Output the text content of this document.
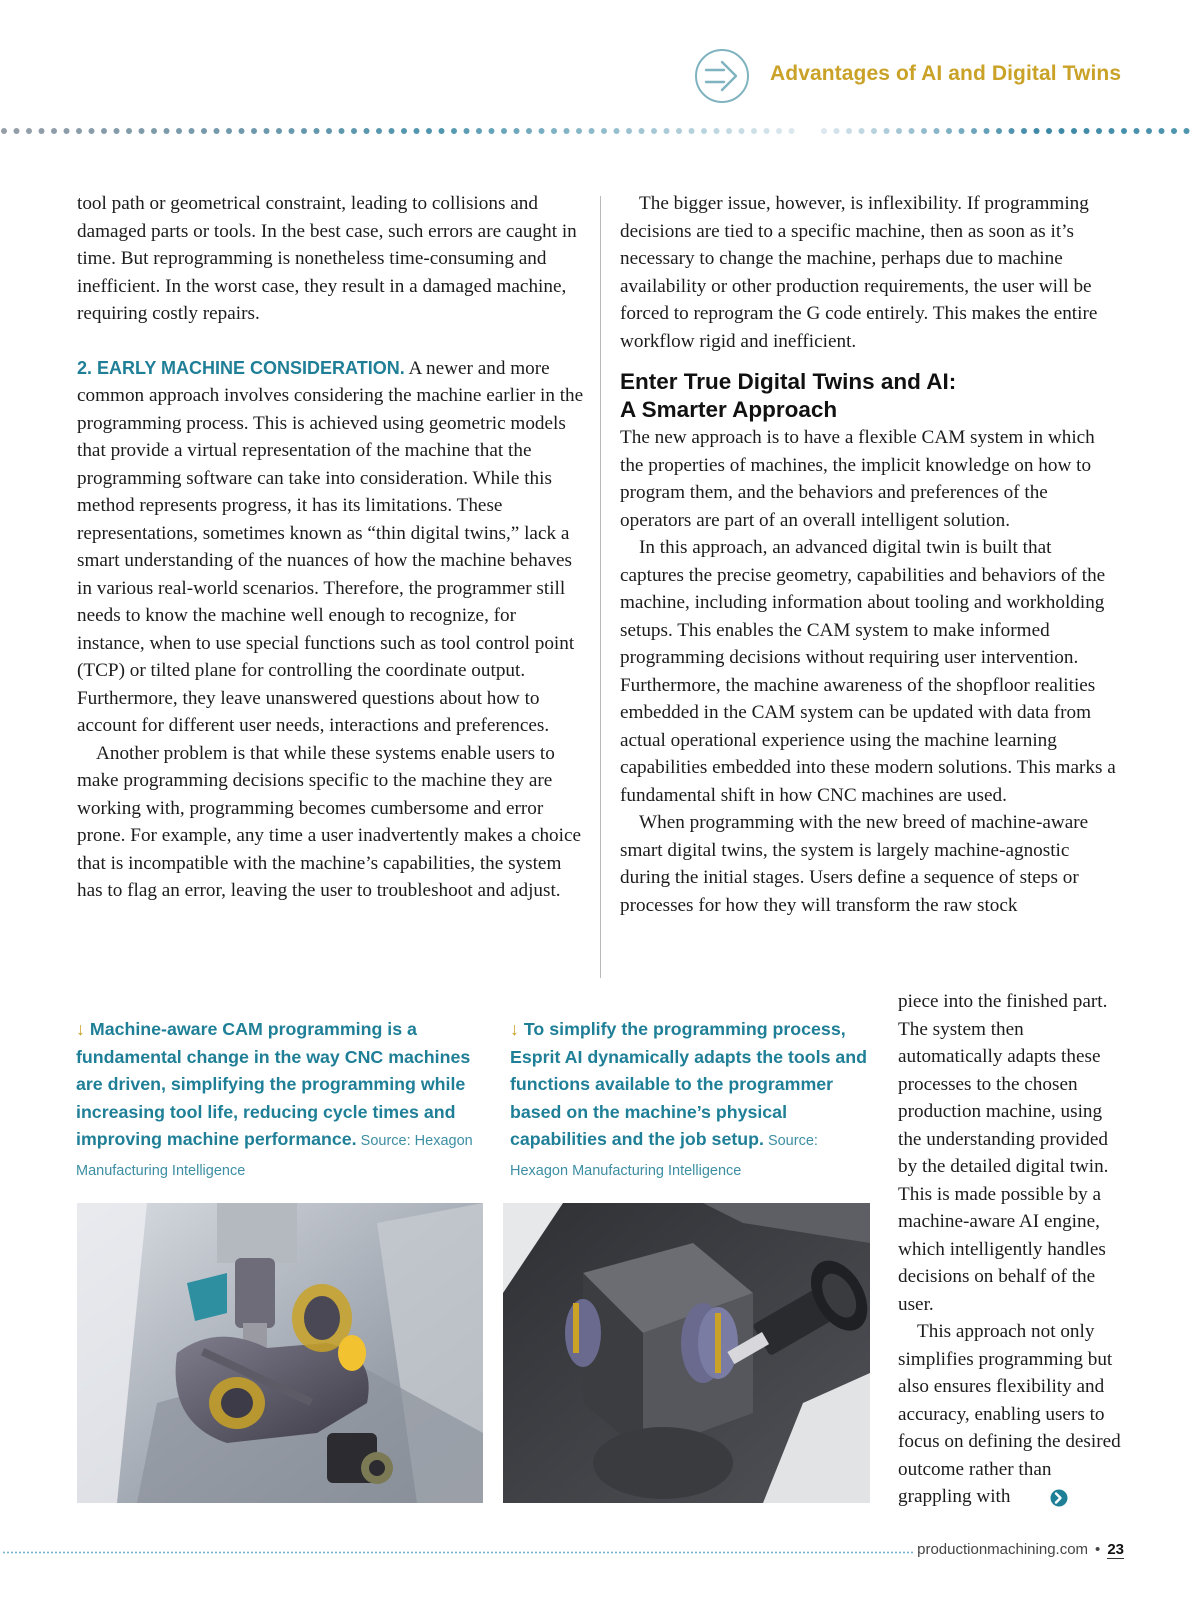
Advantages of AI and Digital Twins

tool path or geometrical constraint, leading to collisions and damaged parts or tools. In the best case, such errors are caught in time. But reprogramming is nonetheless time-consuming and inefficient. In the worst case, they result in a damaged machine, requiring costly repairs.

2. EARLY MACHINE CONSIDERATION. A newer and more common approach involves considering the machine earlier in the programming process. This is achieved using geometric models that provide a virtual representation of the machine that the programming software can take into consideration. While this method represents progress, it has its limitations. These representations, sometimes known as “thin digital twins,” lack a smart understanding of the nuances of how the machine behaves in various real-world scenarios. Therefore, the programmer still needs to know the machine well enough to recognize, for instance, when to use special functions such as tool control point (TCP) or tilted plane for controlling the coordinate output. Furthermore, they leave unanswered questions about how to account for different user needs, interactions and preferences.

Another problem is that while these systems enable users to make programming decisions specific to the machine they are working with, programming becomes cumbersome and error prone. For example, any time a user inadvertently makes a choice that is incompatible with the machine’s capabilities, the system has to flag an error, leaving the user to troubleshoot and adjust.

The bigger issue, however, is inflexibility. If programming decisions are tied to a specific machine, then as soon as it’s necessary to change the machine, perhaps due to machine availability or other production requirements, the user will be forced to reprogram the G code entirely. This makes the entire workflow rigid and inefficient.

Enter True Digital Twins and AI:
A Smarter Approach

The new approach is to have a flexible CAM system in which the properties of machines, the implicit knowledge on how to program them, and the behaviors and preferences of the operators are part of an overall intelligent solution.

In this approach, an advanced digital twin is built that captures the precise geometry, capabilities and behaviors of the machine, including information about tooling and workholding setups. This enables the CAM system to make informed programming decisions without requiring user intervention. Furthermore, the machine awareness of the shopfloor realities embedded in the CAM system can be updated with data from actual operational experience using the machine learning capabilities embedded into these modern solutions. This marks a fundamental shift in how CNC machines are used.

When programming with the new breed of machine-aware smart digital twins, the system is largely machine-agnostic during the initial stages. Users define a sequence of steps or processes for how they will transform the raw stock

piece into the finished part. The system then automatically adapts these processes to the chosen production machine, using the understanding provided by the detailed digital twin. This is made possible by a machine-aware AI engine, which intelligently handles decisions on behalf of the user.

This approach not only simplifies programming but also ensures flexibility and accuracy, enabling users to focus on defining the desired outcome rather than grappling with

↓ Machine-aware CAM programming is a fundamental change in the way CNC machines are driven, simplifying the programming while increasing tool life, reducing cycle times and improving machine performance. Source: Hexagon Manufacturing Intelligence
↓ To simplify the programming process, Esprit AI dynamically adapts the tools and functions available to the programmer based on the machine’s physical capabilities and the job setup. Source: Hexagon Manufacturing Intelligence
productionmachining.com • 23
